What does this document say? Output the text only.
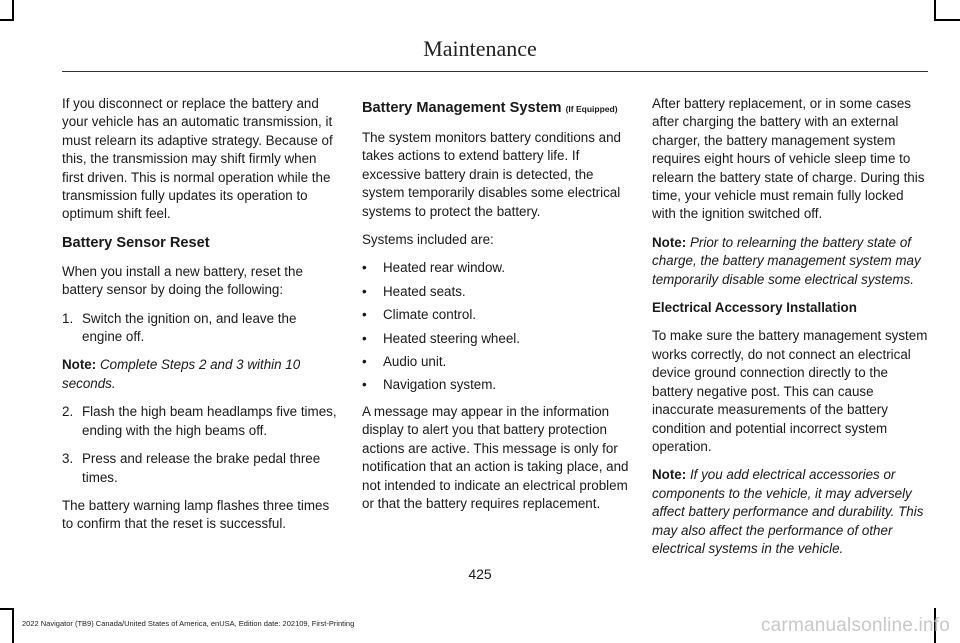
Maintenance

If you disconnect or replace the battery and your vehicle has an automatic transmission, it must relearn its adaptive strategy. Because of this, the transmission may shift firmly when first driven. This is normal operation while the transmission fully updates its operation to optimum shift feel.

Battery Sensor Reset

When you install a new battery, reset the battery sensor by doing the following:

1. Switch the ignition on, and leave the engine off.

Note: Complete Steps 2 and 3 within 10 seconds.

2. Flash the high beam headlamps five times, ending with the high beams off.
3. Press and release the brake pedal three times.

The battery warning lamp flashes three times to confirm that the reset is successful.

Battery Management System (If Equipped)

The system monitors battery conditions and takes actions to extend battery life. If excessive battery drain is detected, the system temporarily disables some electrical systems to protect the battery.

Systems included are:

•	Heated rear window.
•	Heated seats.
•	Climate control.
•	Heated steering wheel.
•	Audio unit.
•	Navigation system.

A message may appear in the information display to alert you that battery protection actions are active. This message is only for notification that an action is taking place, and not intended to indicate an electrical problem or that the battery requires replacement.

After battery replacement, or in some cases after charging the battery with an external charger, the battery management system requires eight hours of vehicle sleep time to relearn the battery state of charge. During this time, your vehicle must remain fully locked with the ignition switched off.

Note: Prior to relearning the battery state of charge, the battery management system may temporarily disable some electrical systems.

Electrical Accessory Installation

To make sure the battery management system works correctly, do not connect an electrical device ground connection directly to the battery negative post. This can cause inaccurate measurements of the battery condition and potential incorrect system operation.

Note: If you add electrical accessories or components to the vehicle, it may adversely affect battery performance and durability. This may also affect the performance of other electrical systems in the vehicle.

425
2022 Navigator (TB9) Canada/United States of America, enUSA, Edition date: 202109, First-Printing	carmanualsonline.info
